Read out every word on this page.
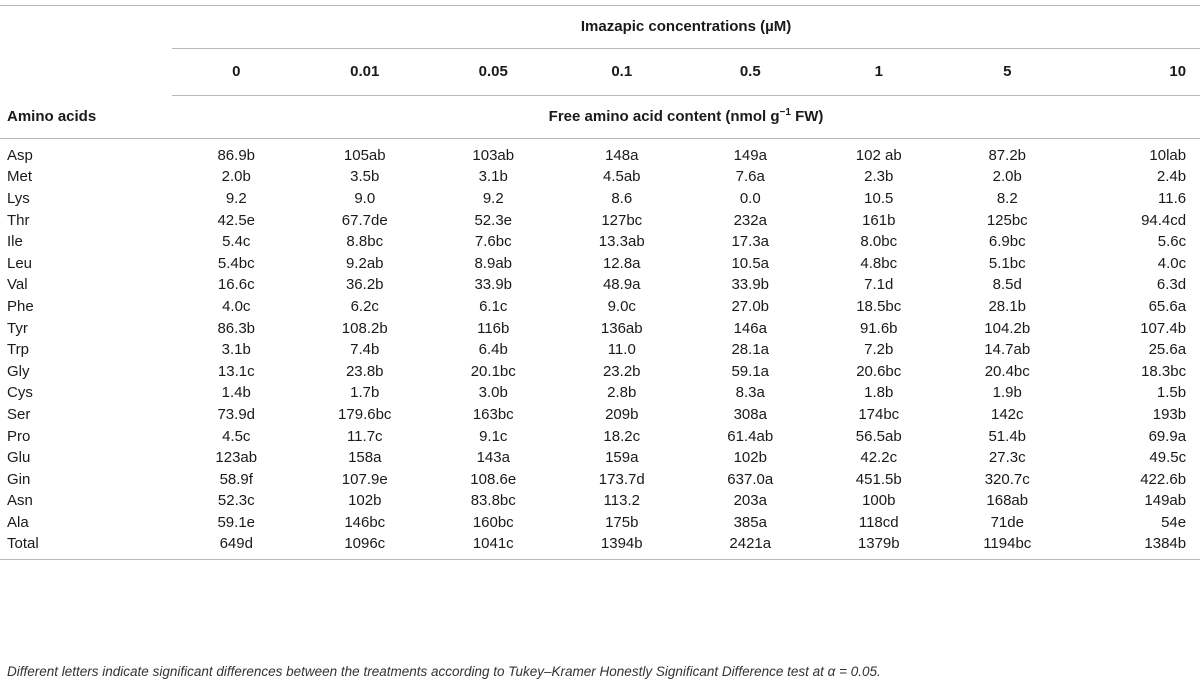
	Imazapic concentrations (µM)							
	0	0.01	0.05	0.1	0.5	1	5	10
Amino acids	Free amino acid content (nmol $g^{-1}$ FW)							
Asp	86.9b	105ab	103ab	148a	149a	102 ab	87.2b	10lab
Met	2.0b	3.5b	3.1b	4.5ab	7.6a	2.3b	2.0b	2.4b
Lys	9.2	9.0	9.2	8.6	0.0	10.5	8.2	11.6
Thr	42.5e	67.7de	52.3e	127bc	232a	161b	125bc	94.4cd
Ile	5.4c	8.8bc	7.6bc	13.3ab	17.3a	8.0bc	6.9bc	5.6c
Leu	5.4bc	9.2ab	8.9ab	12.8a	10.5a	4.8bc	5.1bc	4.0c
Val	16.6c	36.2b	33.9b	48.9a	33.9b	7.1d	8.5d	6.3d
Phe	4.0c	6.2c	6.1c	9.0c	27.0b	18.5bc	28.1b	65.6a
Tyr	86.3b	108.2b	116b	136ab	146a	91.6b	104.2b	107.4b
Trp	3.1b	7.4b	6.4b	11.0	28.1a	7.2b	14.7ab	25.6a
Gly	13.1c	23.8b	20.1bc	23.2b	59.1a	20.6bc	20.4bc	18.3bc
Cys	1.4b	1.7b	3.0b	2.8b	8.3a	1.8b	1.9b	1.5b
Ser	73.9d	179.6bc	163bc	209b	308a	174bc	142c	193b
Pro	4.5c	11.7c	9.1c	18.2c	61.4ab	56.5ab	51.4b	69.9a
Glu	123ab	158a	143a	159a	102b	42.2c	27.3c	49.5c
Gin	58.9f	107.9e	108.6e	173.7d	637.0a	451.5b	320.7c	422.6b
Asn	52.3c	102b	83.8bc	113.2	203a	100b	168ab	149ab
Ala	59.1e	146bc	160bc	175b	385a	118cd	71de	54e
Total	649d	1096c	1041c	1394b	2421a	1379b	1194bc	1384b
Different letters indicate significant differences between the treatments according to Tukey–Kramer Honestly Significant Difference test at α = 0.05.
